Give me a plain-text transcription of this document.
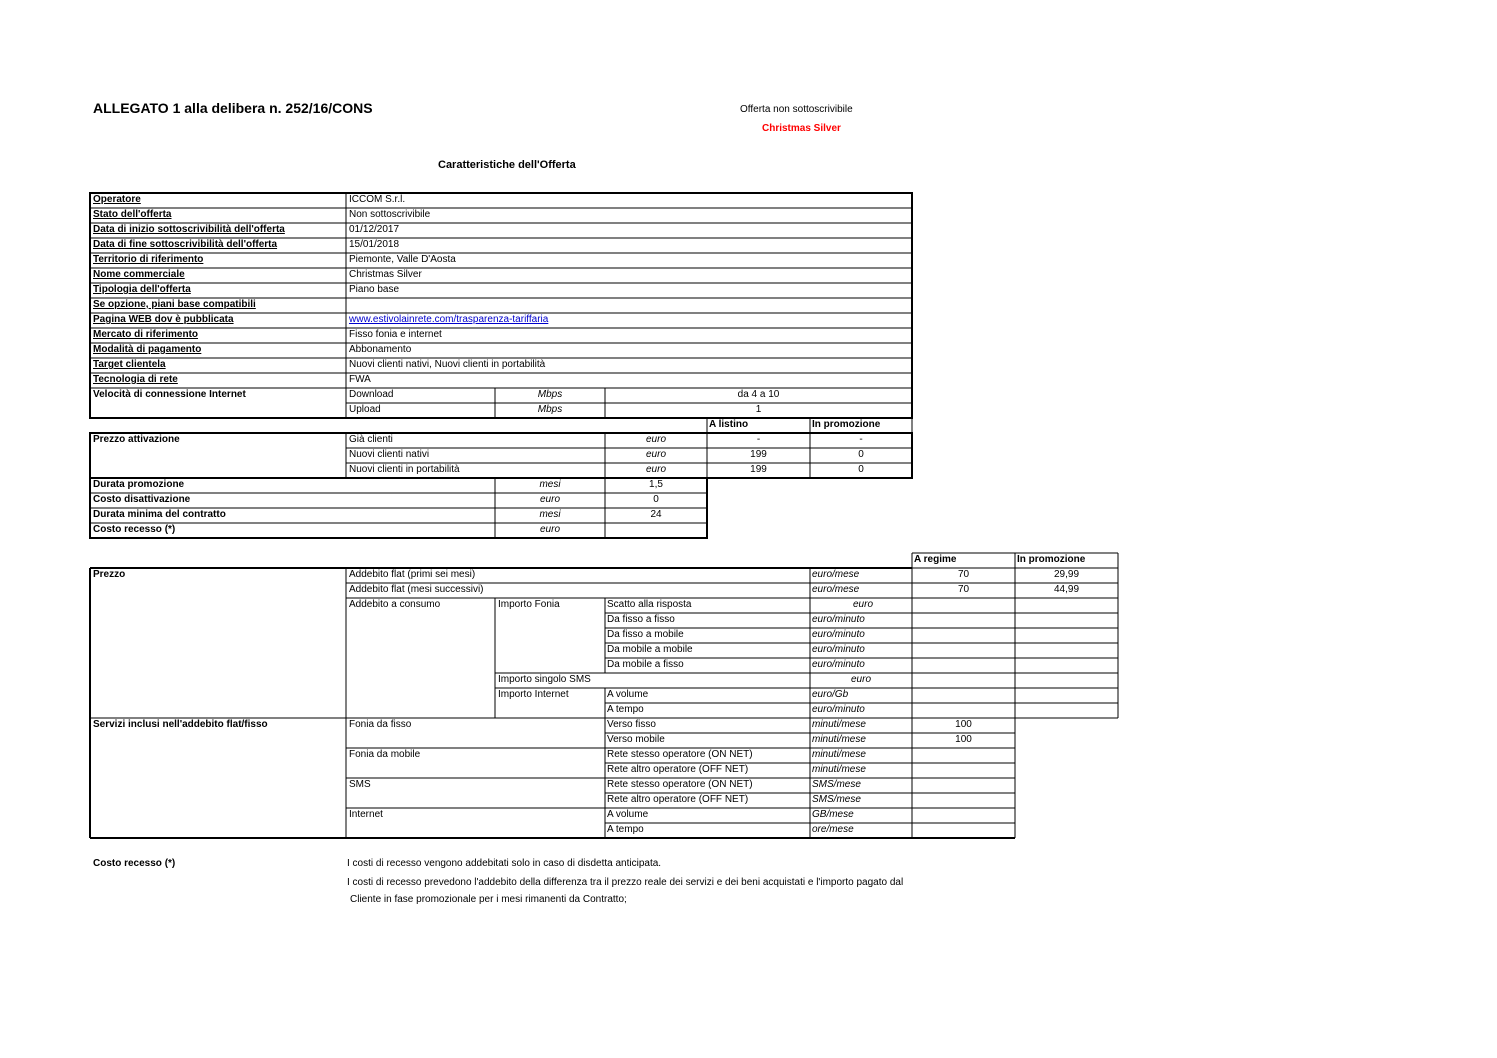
ALLEGATO 1 alla delibera n. 252/16/CONS	Offerta non sottoscrivibile
Christmas Silver
Caratteristiche dell'Offerta
Operatore	ICCOM S.r.l.
Stato dell'offerta	Non sottoscrivibile
Data di inizio sottoscrivibilità dell'offerta	01/12/2017
Data di fine sottoscrivibilità dell'offerta	15/01/2018
Territorio di riferimento	Piemonte, Valle D'Aosta
Nome commerciale	Christmas Silver
Tipologia dell'offerta	Piano base
Se opzione, piani base compatibili
Pagina WEB dov è pubblicata	www.estivolainrete.com/trasparenza-tariffaria
Mercato di riferimento	Fisso fonia e internet
Modalità di pagamento	Abbonamento
Target clientela	Nuovi clienti nativi, Nuovi clienti in portabilità
Tecnologia di rete	FWA
Velocità di connessione Internet	Download	Mbps	da 4 a 10
Upload	Mbps	1
A listino	In promozione
Prezzo attivazione	Già clienti	euro	-	-
Nuovi clienti nativi	euro	199	0
Nuovi clienti in portabilità	euro	199	0
Durata promozione	mesi	1,5
Costo disattivazione	euro	0
Durata minima del contratto	mesi	24
Costo recesso (*)	euro
A regime	In promozione
Prezzo	Addebito flat (primi sei mesi)	euro/mese	70	29,99
Addebito flat (mesi successivi)	euro/mese	70	44,99
Addebito a consumo	Importo Fonia	Scatto alla risposta	euro
Da fisso a fisso	euro/minuto
Da fisso a mobile	euro/minuto
Da mobile a mobile	euro/minuto
Da mobile a fisso	euro/minuto
Importo singolo SMS	euro
Importo Internet	A volume	euro/Gb
A tempo	euro/minuto
Servizi inclusi nell'addebito flat/fisso	Fonia da fisso	Verso fisso	minuti/mese	100
Verso mobile	minuti/mese	100
Fonia da mobile	Rete stesso operatore (ON NET)	minuti/mese
Rete altro operatore (OFF NET)	minuti/mese
SMS	Rete stesso operatore (ON NET)	SMS/mese
Rete altro operatore (OFF NET)	SMS/mese
Internet	A volume	GB/mese
A tempo	ore/mese
Costo recesso (*)	I costi di recesso vengono addebitati solo in caso di disdetta anticipata.
I costi di recesso prevedono l'addebito della differenza tra il prezzo reale dei servizi e dei beni acquistati e l'importo pagato dal
Cliente in fase promozionale per i mesi rimanenti da Contratto;
